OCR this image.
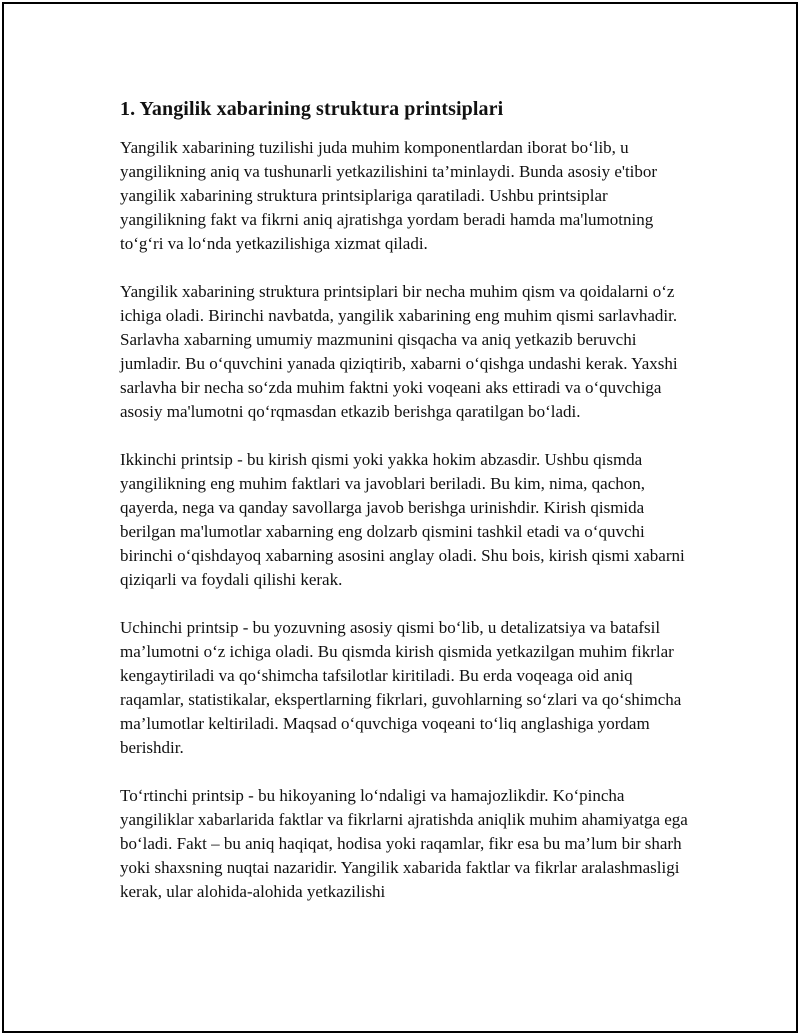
1. Yangilik xabarining struktura printsiplari

Yangilik xabarining tuzilishi juda muhim komponentlardan iborat bo‘lib, u yangilikning aniq va tushunarli yetkazilishini ta’minlaydi. Bunda asosiy e'tibor yangilik xabarining struktura printsiplariga qaratiladi. Ushbu printsiplar yangilikning fakt va fikrni aniq ajratishga yordam beradi hamda ma'lumotning to‘g‘ri va lo‘nda yetkazilishiga xizmat qiladi.

Yangilik xabarining struktura printsiplari bir necha muhim qism va qoidalarni o‘z ichiga oladi. Birinchi navbatda, yangilik xabarining eng muhim qismi sarlavhadir. Sarlavha xabarning umumiy mazmunini qisqacha va aniq yetkazib beruvchi jumladir. Bu o‘quvchini yanada qiziqtirib, xabarni o‘qishga undashi kerak. Yaxshi sarlavha bir necha so‘zda muhim faktni yoki voqeani aks ettiradi va o‘quvchiga asosiy ma'lumotni qo‘rqmasdan etkazib berishga qaratilgan bo‘ladi.

Ikkinchi printsip - bu kirish qismi yoki yakka hokim abzasdir. Ushbu qismda yangilikning eng muhim faktlari va javoblari beriladi. Bu kim, nima, qachon, qayerda, nega va qanday savollarga javob berishga urinishdir. Kirish qismida berilgan ma'lumotlar xabarning eng dolzarb qismini tashkil etadi va o‘quvchi birinchi o‘qishdayoq xabarning asosini anglay oladi. Shu bois, kirish qismi xabarni qiziqarli va foydali qilishi kerak.

Uchinchi printsip - bu yozuvning asosiy qismi bo‘lib, u detalizatsiya va batafsil ma’lumotni o‘z ichiga oladi. Bu qismda kirish qismida yetkazilgan muhim fikrlar kengaytiriladi va qo‘shimcha tafsilotlar kiritiladi. Bu erda voqeaga oid aniq raqamlar, statistikalar, ekspertlarning fikrlari, guvohlarning so‘zlari va qo‘shimcha ma’lumotlar keltiriladi. Maqsad o‘quvchiga voqeani to‘liq anglashiga yordam berishdir.

To‘rtinchi printsip - bu hikoyaning lo‘ndaligi va hamajozlikdir. Ko‘pincha yangiliklar xabarlarida faktlar va fikrlarni ajratishda aniqlik muhim ahamiyatga ega bo‘ladi. Fakt – bu aniq haqiqat, hodisa yoki raqamlar, fikr esa bu ma’lum bir sharh yoki shaxsning nuqtai nazaridir. Yangilik xabarida faktlar va fikrlar aralashmasligi kerak, ular alohida-alohida yetkazilishi
